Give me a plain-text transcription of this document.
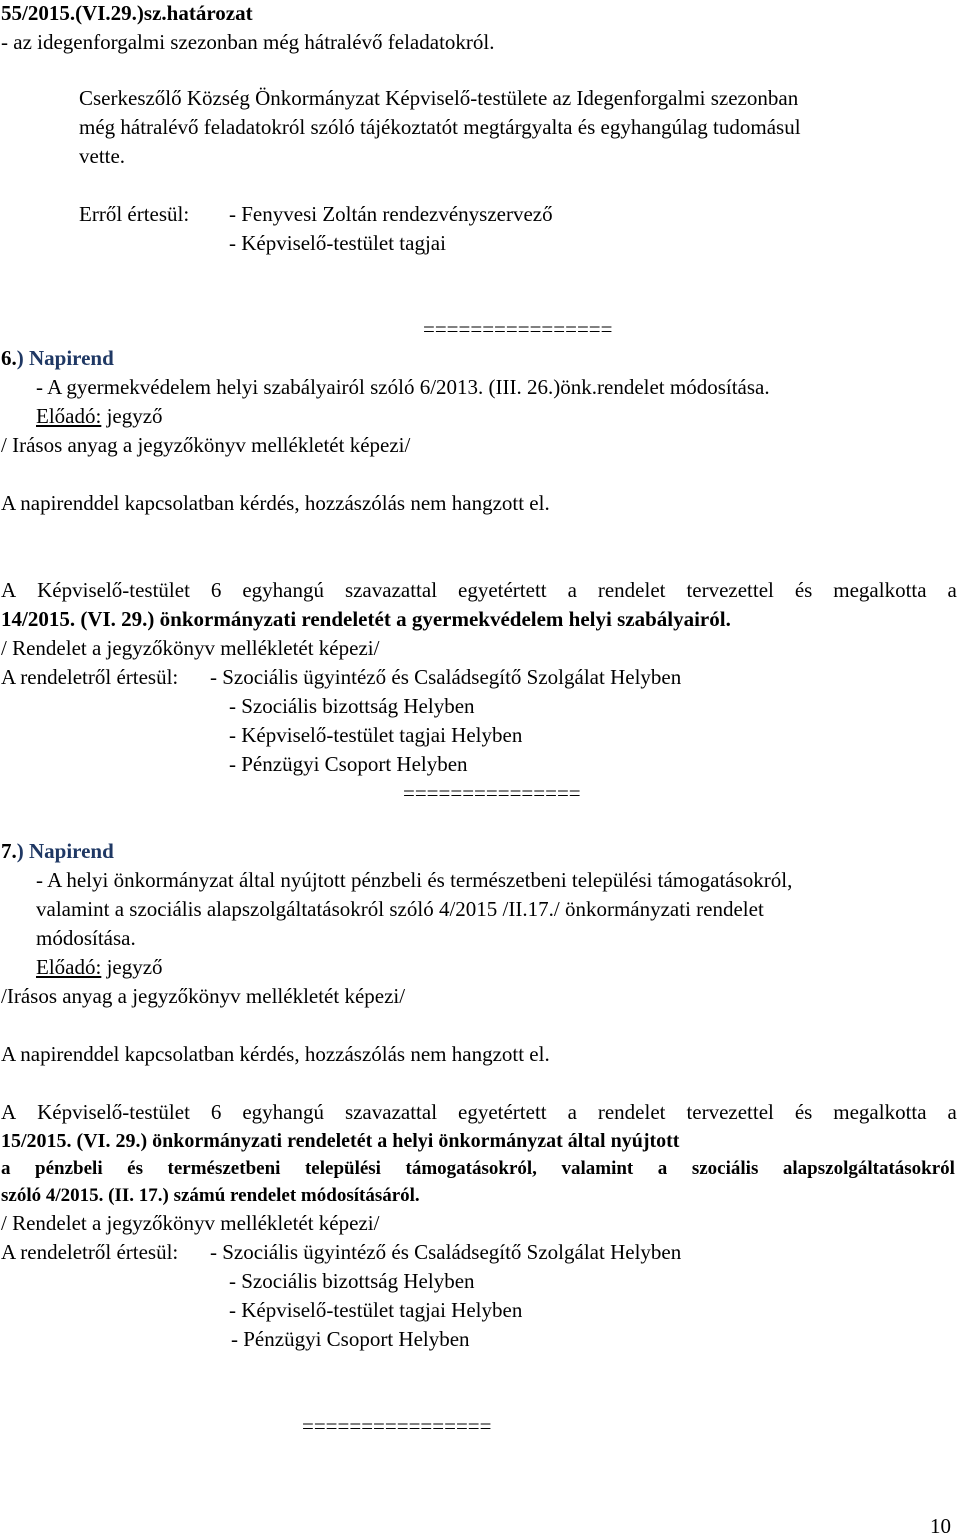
55/2015.(VI.29.)sz.határozat
- az idegenforgalmi szezonban még hátralévő feladatokról.
Cserkeszőlő Község Önkormányzat Képviselő-testülete az Idegenforgalmi szezonban
még hátralévő feladatokról szóló tájékoztatót megtárgyalta és egyhangúlag tudomásul
vette.
Erről értesül: - Fenyvesi Zoltán rendezvényszervező
- Képviselő-testület tagjai
================
6.) Napirend
- A gyermekvédelem helyi szabályairól szóló 6/2013. (III. 26.)önk.rendelet módosítása.
Előadó: jegyző
/ Irásos anyag a jegyzőkönyv mellékletét képezi/
A napirenddel kapcsolatban kérdés, hozzászólás nem hangzott el.
A Képviselő-testület 6 egyhangú szavazattal egyetértett a rendelet tervezettel és megalkotta a
14/2015. (VI. 29.) önkormányzati rendeletét a gyermekvédelem helyi szabályairól.
/ Rendelet a jegyzőkönyv mellékletét képezi/
A rendeletről értesül: - Szociális ügyintéző és Családsegítő Szolgálat Helyben
- Szociális bizottság Helyben
- Képviselő-testület tagjai Helyben
- Pénzügyi Csoport Helyben
===============
7.) Napirend
- A helyi önkormányzat által nyújtott pénzbeli és természetbeni települési támogatásokról,
valamint a szociális alapszolgáltatásokról szóló 4/2015 /II.17./ önkormányzati rendelet
módosítása.
Előadó: jegyző
/Irásos anyag a jegyzőkönyv mellékletét képezi/
A napirenddel kapcsolatban kérdés, hozzászólás nem hangzott el.
A Képviselő-testület 6 egyhangú szavazattal egyetértett a rendelet tervezettel és megalkotta a
15/2015. (VI. 29.) önkormányzati rendeletét a helyi önkormányzat által nyújtott
a pénzbeli és természetbeni települési támogatásokról, valamint a szociális alapszolgáltatásokról
szóló 4/2015. (II. 17.) számú rendelet módosításáról.
/ Rendelet a jegyzőkönyv mellékletét képezi/
A rendeletről értesül: - Szociális ügyintéző és Családsegítő Szolgálat Helyben
- Szociális bizottság Helyben
- Képviselő-testület tagjai Helyben
- Pénzügyi Csoport Helyben
================
10
